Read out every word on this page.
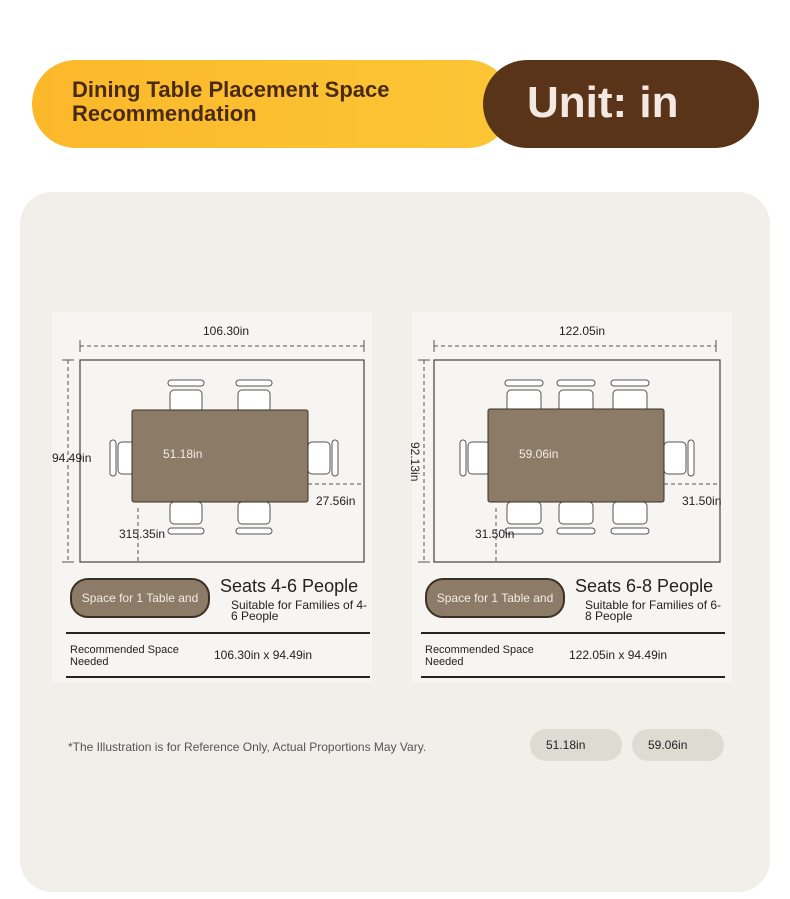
Dining Table Placement Space Recommendation	Unit: in
106.30in
94.49in	51.18in
27.56in
315.35in
Space for 1 Table and
Seats 4-6 People
Suitable for Families of 4-6 People
Recommended Space Needed	106.30in x 94.49in
122.05in
92.13in	59.06in
31.50in
31.50in
Space for 1 Table and
Seats 6-8 People
Suitable for Families of 6-8 People
Recommended Space Needed	122.05in x 94.49in
*The Illustration is for Reference Only, Actual Proportions May Vary.	51.18in	59.06in
